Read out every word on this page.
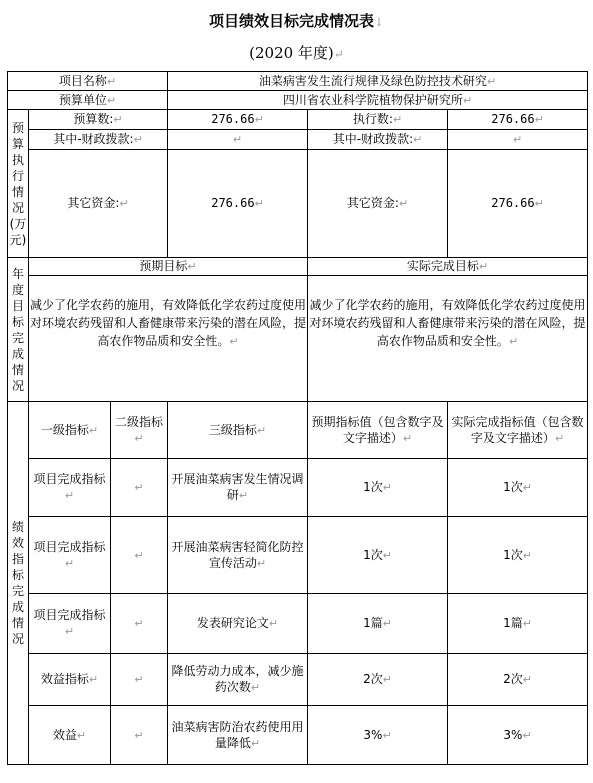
项目绩效目标完成情况表↓
(2020 年度)↵
项目名称↵			油菜病害发生流行规律及绿色防控技术研究↵		
预算单位↵			四川省农业科学院植物保护研究所↵		
预算执行情况(万元)	预算数:↵		276.66↵	执行数:↵	276.66↵
	其中-财政拨款:↵		↵	其中-财政拨款:↵	↵
	其它资金:↵		276.66↵	其它资金:↵	276.66↵
年度目标完成情况	预期目标↵			实际完成目标↵	
	减少了化学农药的施用，有效降低化学农药过度使用对环境农药残留和人畜健康带来污染的潜在风险，提高农作物品质和安全性。↵			减少了化学农药的施用，有效降低化学农药过度使用对环境农药残留和人畜健康带来污染的潜在风险，提高农作物品质和安全性。↵	
绩效指标完成情况	一级指标↵	二级指标↵	三级指标↵	预期指标值（包含数字及文字描述）↵	实际完成指标值（包含数字及文字描述）↵
	项目完成指标↵	↵	开展油菜病害发生情况调研↵	1次↵	1次↵
	项目完成指标↵	↵	开展油菜病害轻简化防控宣传活动↵	1次↵	1次↵
	项目完成指标↵	↵	发表研究论文↵	1篇↵	1篇↵
	效益指标↵	↵	降低劳动力成本，减少施药次数↵	2次↵	2次↵
	效益↵	↵	油菜病害防治农药使用用量降低↵	3%↵	3%↵
